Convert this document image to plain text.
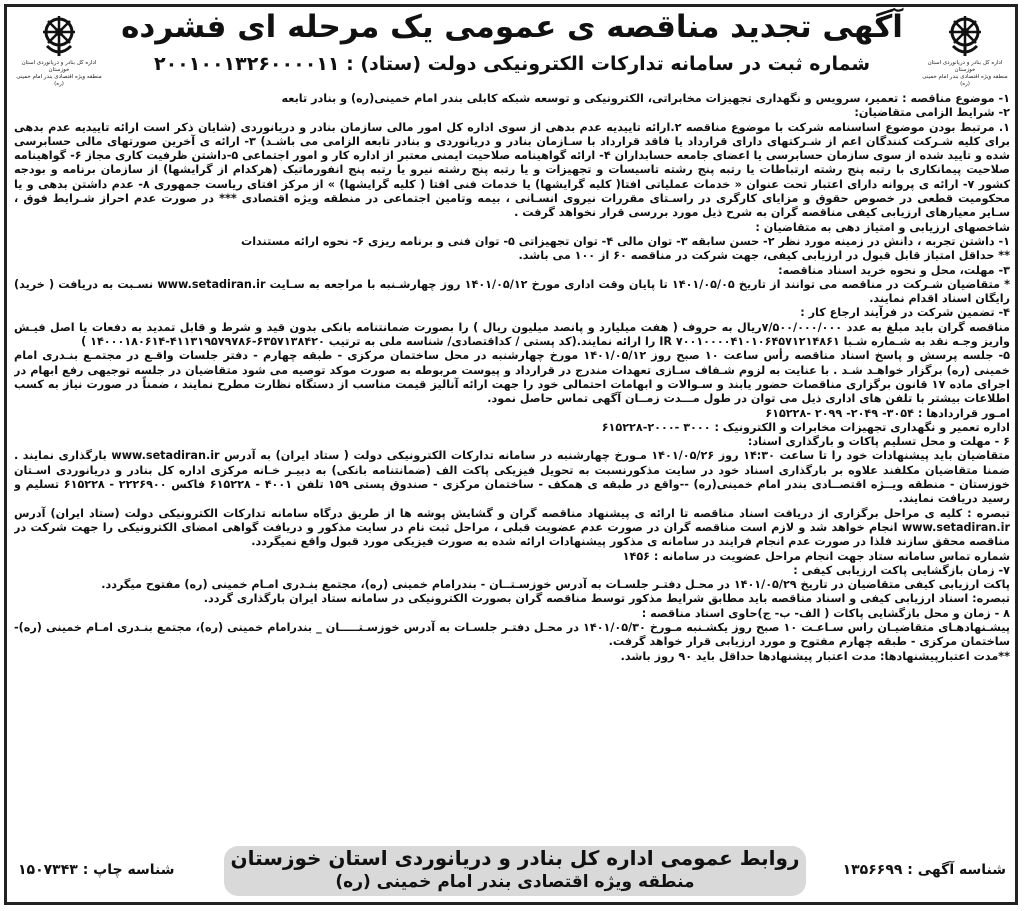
اداره کل بنادر و دریانوردی استان خوزستان
منطقه ویژه اقتصادی بندر امام خمینی (ره)
آگهی تجدید مناقصه ی عمومی یک مرحله ای فشرده
شماره ثبت در سامانه تدارکات الکترونیکی دولت (ستاد) : ۲۰۰۱۰۰۱۳۲۶۰۰۰۰۱۱
اداره کل بنادر و دریانوردی استان خوزستان
منطقه ویژه اقتصادی بندر امام خمینی (ره)

۱- موضوع مناقصه : تعمیر، سرویس و نگهداری تجهیزات مخابراتی، الکترونیکی و توسعه شبکه کابلی بندر امام خمینی(ره) و بنادر تابعه

۲- شرایط الزامی متقاضیان:

۱. مرتبط بودن موضوع اساسنامه شرکت با موضوع مناقصه ۲.ارائه تاییدیه عدم بدهی از سوی اداره کل امور مالی سازمان بنادر و دریانوردی (شایان ذکر است ارائه تاییدیه عدم بدهی برای کلیه شـرکت کنندگان اعم از شـرکتهای دارای قرارداد یا فاقد قرارداد با سـازمان بنادر و دریانوردی و بنادر تابعه الزامی می باشـد) ۳- ارائه ی آخرین صورتهای مالی حسابرسی شده و تایید شده از سوی سازمان حسابرسی یا اعضای جامعه حسابداران ۴- ارائه گواهینامه صلاحیت ایمنی معتبر از اداره کار و امور اجتماعی ۵-داشتن ظرفیت کاری مجاز ۶- گواهینامه صلاحیت پیمانکاری با رتبه پنج رشته ارتباطات یا رتبه پنج رشته تاسیسات و تجهیزات و یا رتبه پنج رشته نیرو یا رتبه پنج انفورماتیک (هرکدام از گرایشها) از سازمان برنامه و بودجه کشور ۷- ارائه ی پروانه دارای اعتبار تحت عنوان « خدمات عملیاتی افتا( کلیه گرایشها) یا خدمات فنی افتا ( کلیه گرایشها) » از مرکز افتای ریاست جمهوری ۸- عدم داشتن بدهی و یا محکومیت قطعی در خصوص حقوق و مزایای کارگری در راسـتای مقررات نیروی انسـانی ، بیمه وتامین اجتماعی در منطقه ویژه اقتصادی *** در صورت عدم احراز شـرایط فوق ، سـایر معیارهای ارزیابی کیفی مناقصه گران به شرح ذیل مورد بررسی قرار نخواهد گرفت .

شاخصهای ارزیابی و امتیاز دهی به متقاضیان :

۱- داشتن تجربه ، دانش در زمینه مورد نظر ۲- حسن سابقه ۳- توان مالی ۴- توان تجهیزاتی ۵- توان فنی و برنامه ریزی ۶- نحوه ارائه مستندات

** حداقل امتیاز قابل قبول در ارزیابی کیفی، جهت شرکت در مناقصه ۶۰ از ۱۰۰ می باشد.

۳- مهلت، محل و نحوه خرید اسناد مناقصه:

* متقاضیان شـرکت در مناقصه می توانند از تاریخ ۱۴۰۱/۰۵/۰۵ تا پایان وقت اداری مورخ ۱۴۰۱/۰۵/۱۲ روز چهارشـنبه با مراجعه به سـایت www.setadiran.ir نسـبت به دریافت ( خرید) رایگان اسناد اقدام نمایند.

۴- تضمین شرکت در فرآیند ارجاع کار :

مناقصه گران باید مبلغ به عدد ۷/۵۰۰/۰۰۰/۰۰۰ریال به حروف ( هفت میلیارد و پانصد میلیون ریال ) را بصورت ضمانتنامه بانکی بدون قید و شرط و قابل تمدید به دفعات یا اصل فیـش واریز وجـه نقد به شـماره شـبا IR ۷۰۰۱۰۰۰۰۴۱۰۱۰۶۴۵۷۱۲۱۴۸۶۱ را ارائه نمایند.(کد پستی / کداقتصادی/ شناسه ملی به ترتیب ۶۳۵۷۱۳۸۴۲۰-۴۱۱۳۱۹۵۷۹۷۸۶-۱۴۰۰۰۱۸۰۶۱۴ )

۵- جلسه پرسش و پاسخ اسناد مناقصه رأس ساعت ۱۰ صبح روز ۱۴۰۱/۰۵/۱۲ مورخ چهارشنبه در محل ساختمان مرکزی - طبقه چهارم - دفتر جلسات واقـع در مجتمـع بنـدری امام خمینی (ره) برگزار خواهـد شـد . با عنایت به لزوم شـفاف سـازی تعهدات مندرج در قرارداد و پیوست مربوطه به صورت موکد توصیه می شود متقاضیان در جلسه توجیهی رفع ابهام در اجرای ماده ۱۷ قانون برگزاری مناقصات حضور یابند و سـوالات و ابهامات احتمالی خود را جهت ارائه آنالیز قیمت مناسب از دستگاه نظارت مطرح نمایند ، ضمناً در صورت نیاز به کسب اطلاعات بیشتر با تلفن های اداری ذیل می توان در طول مـــدت زمــان آگهی تماس حاصل نمود.

امـور قراردادها : ۳۰۵۴- ۲۰۴۹- ۲۰۹۹ -۶۱۵۲۲۸

اداره تعمیر و نگهداری تجهیزات مخابرات و الکترونیک : ۳۰۰۰ -۲۰۰۰-۶۱۵۲۲۸

۶ - مهلت و محل تسلیم پاکات و بارگذاری اسناد:

متقاضیان باید پیشنهادات خود را تا ساعت ۱۴:۳۰ روز ۱۴۰۱/۰۵/۲۶ مـورخ چهارشنبه در سامانه تدارکات الکترونیکی دولت ( ستاد ایران) به آدرس www.setadiran.ir بارگذاری نمایند . ضمنا متقاضیان مکلفند علاوه بر بارگذاری اسناد خود در سایت مذکورنسبت به تحویل فیزیکی پاکت الف (ضمانتنامه بانکی) به دبیـر خـانه مرکزی اداره کل بنادر و دریانوردی اسـتان خوزستان - منطقه ویــژه اقتصــادی بندر امام خمینی(ره) --واقع در طبقه ی همکف - ساختمان مرکزی - صندوق پستی ۱۵۹ تلفن ۴۰۰۱ - ۶۱۵۲۲۸ فاکس ۲۲۲۶۹۰۰ - ۶۱۵۲۲۸ تسلیم و رسید دریافت نمایند.

تبصره : کلیه ی مراحل برگزاری از دریافت اسناد مناقصه تا ارائه ی پیشنهاد مناقصه گران و گشایش پوشه ها از طریق درگاه سامانه تدارکات الکترونیکی دولت (ستاد ایران) آدرس www.setadiran.ir انجام خواهد شد و لازم است مناقصه گران در صورت عدم عضویت قبلی ، مراحل ثبت نام در سایت مذکور و دریافت گواهی امضای الکترونیکی را جهت شرکت در مناقصه محقق سازند فلذا در صورت عدم انجام فرایند در سامانه ی مذکور پیشنهادات ارائه شده به صورت فیزیکی مورد قبول واقع نمیگردد.

شماره تماس سامانه ستاد جهت انجام مراحل عضویت در سامانه : ۱۴۵۶

۷- زمان بازگشایی پاکت ارزیابی کیفی :

پاکت ارزیابی کیفی متقاضیان در تاریخ ۱۴۰۱/۰۵/۲۹ در محـل دفتـر جلسـات به آدرس خوزسـتــان - بندرامام خمینی (ره)، مجتمع بنـدری امـام خمینی (ره) مفتوح میگردد.

تبصره: اسناد ارزیابی کیفی و اسناد مناقصه باید مطابق شرایط مذکور توسط مناقصه گران بصورت الکترونیکی در سامانه ستاد ایران بارگذاری گردد.

۸ - زمان و محل بازگشایی پاکات ( الف- ب- ج)حاوی اسناد مناقصه :

پیشـنهادهـای متقاضیـان راس سـاعـت ۱۰ صبح روز یکشـنبه مـورخ ۱۴۰۱/۰۵/۳۰ در محـل دفتـر جلسـات به آدرس خوزسـتـــــان _ بندرامام خمینی (ره)، مجتمع بنـدری امـام خمینی (ره)- ساختمان مرکزی - طبقه چهارم مفتوح و مورد ارزیابی قرار خواهد گرفت.

**مدت اعتبارپیشنهادها: مدت اعتبار پیشنهادها حداقل باید ۹۰ روز باشد.

شناسه آگهی : ۱۳۵۶۶۹۹
روابط عمومی اداره کل بنادر و دریانوردی استان خوزستان
منطقه ویژه اقتصادی بندر امام خمینی (ره)
شناسه چاپ : ۱۵۰۷۳۴۳
